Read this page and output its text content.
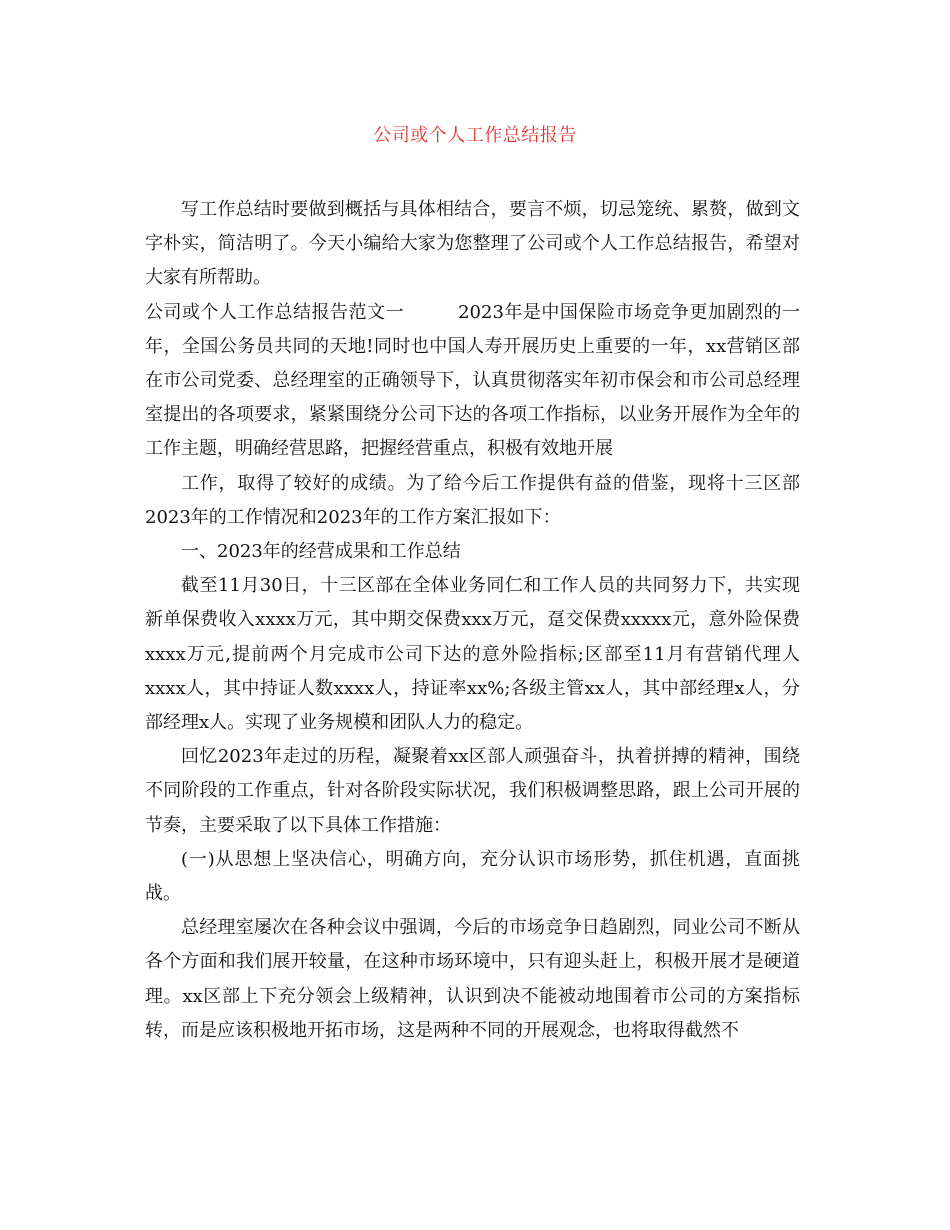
公司或个人工作总结报告

写工作总结时要做到概括与具体相结合，要言不烦，切忌笼统、累赘，做到文字朴实，简洁明了。今天小编给大家为您整理了公司或个人工作总结报告，希望对大家有所帮助。

公司或个人工作总结报告范文一	2023年是中国保险市场竞争更加剧烈的一年，全国公务员共同的天地!同时也中国人寿开展历史上重要的一年，xx营销区部在市公司党委、总经理室的正确领导下，认真贯彻落实年初市保会和市公司总经理室提出的各项要求，紧紧围绕分公司下达的各项工作指标，以业务开展作为全年的工作主题，明确经营思路，把握经营重点，积极有效地开展

工作，取得了较好的成绩。为了给今后工作提供有益的借鉴，现将十三区部2023年的工作情况和2023年的工作方案汇报如下：

一、2023年的经营成果和工作总结

截至11月30日，十三区部在全体业务同仁和工作人员的共同努力下，共实现新单保费收入xxxx万元，其中期交保费xxx万元，趸交保费xxxxx元，意外险保费xxxx万元,提前两个月完成市公司下达的意外险指标;区部至11月有营销代理人xxxx人，其中持证人数xxxx人，持证率xx%;各级主管xx人，其中部经理x人，分部经理x人。实现了业务规模和团队人力的稳定。

回忆2023年走过的历程，凝聚着xx区部人顽强奋斗，执着拼搏的精神，围绕不同阶段的工作重点，针对各阶段实际状况，我们积极调整思路，跟上公司开展的节奏，主要采取了以下具体工作措施：

(一)从思想上坚决信心，明确方向，充分认识市场形势，抓住机遇，直面挑战。

总经理室屡次在各种会议中强调，今后的市场竞争日趋剧烈，同业公司不断从各个方面和我们展开较量，在这种市场环境中，只有迎头赶上，积极开展才是硬道理。xx区部上下充分领会上级精神，认识到决不能被动地围着市公司的方案指标转，而是应该积极地开拓市场，这是两种不同的开展观念，也将取得截然不
